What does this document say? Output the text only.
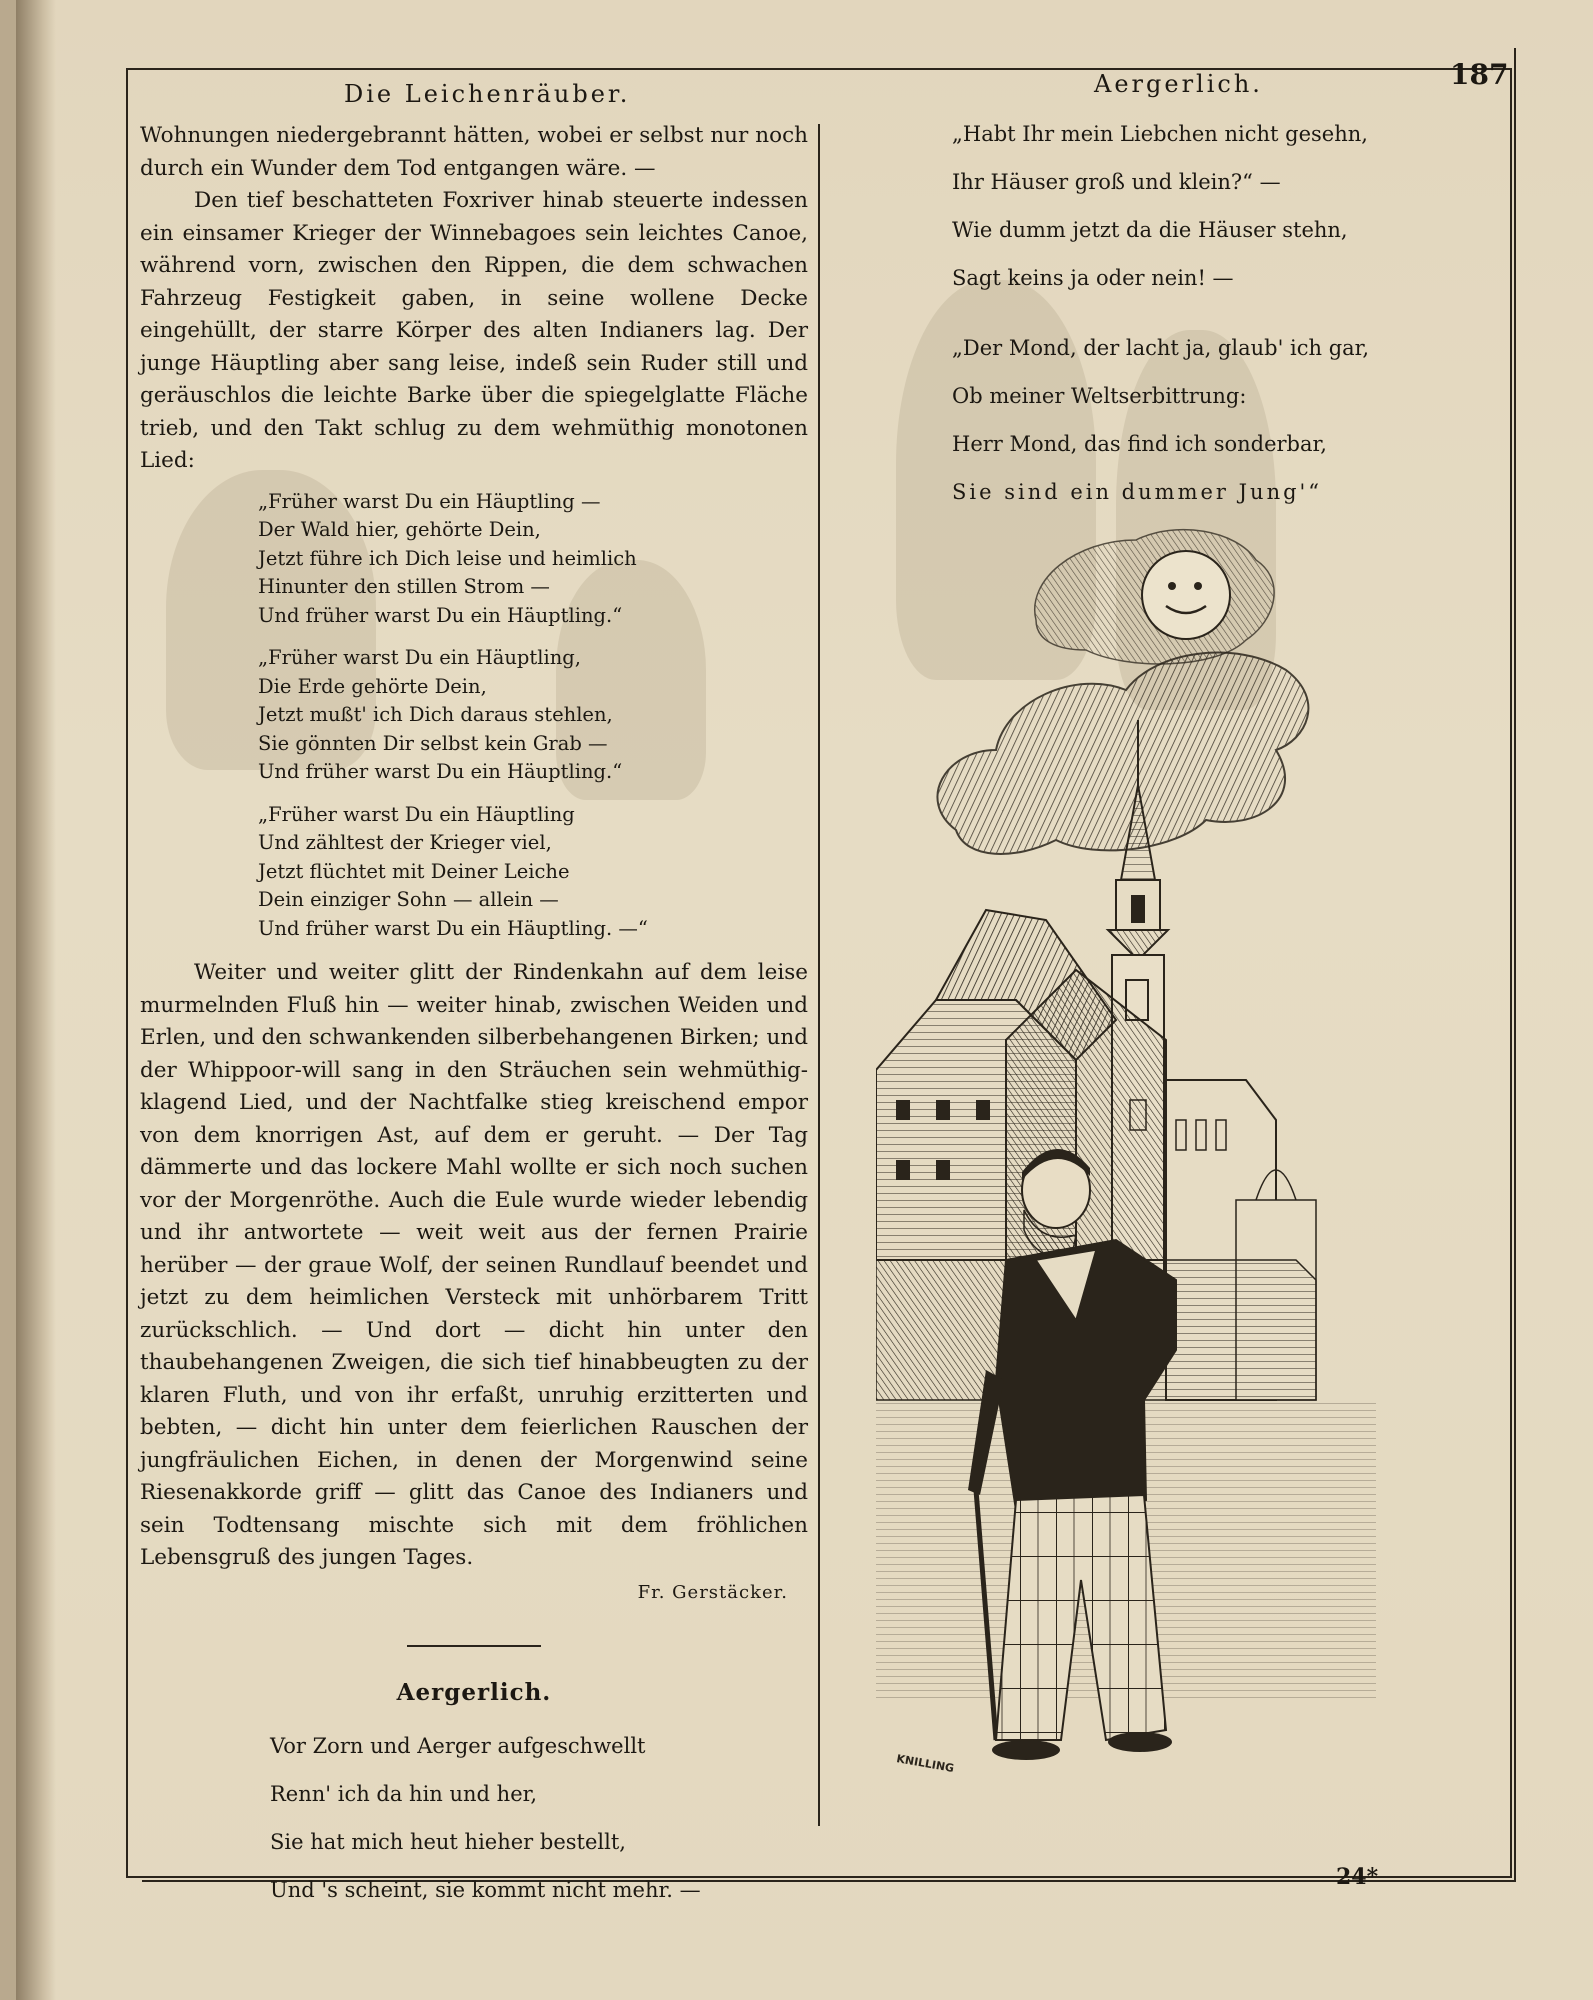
Die Leichenräuber.	Aergerlich.	187
24*

Wohnungen niedergebrannt hätten, wobei er selbst nur noch durch ein Wunder dem Tod entgangen wäre. —

Den tief beschatteten Foxriver hinab steuerte indessen ein einsamer Krieger der Winnebagoes sein leichtes Canoe, während vorn, zwischen den Rippen, die dem schwachen Fahrzeug Festigkeit gaben, in seine wollene Decke eingehüllt, der starre Körper des alten Indianers lag. Der junge Häuptling aber sang leise, indeß sein Ruder still und geräuschlos die leichte Barke über die spiegelglatte Fläche trieb, und den Takt schlug zu dem wehmüthig monotonen Lied:

„Früher warst Du ein Häuptling —
Der Wald hier, gehörte Dein,
Jetzt führe ich Dich leise und heimlich
Hinunter den stillen Strom —
Und früher warst Du ein Häuptling.“
„Früher warst Du ein Häuptling,
Die Erde gehörte Dein,
Jetzt mußt' ich Dich daraus stehlen,
Sie gönnten Dir selbst kein Grab —
Und früher warst Du ein Häuptling.“
„Früher warst Du ein Häuptling
Und zähltest der Krieger viel,
Jetzt flüchtet mit Deiner Leiche
Dein einziger Sohn — allein —
Und früher warst Du ein Häuptling. —“

Weiter und weiter glitt der Rindenkahn auf dem leise murmelnden Fluß hin — weiter hinab, zwischen Weiden und Erlen, und den schwankenden silberbehangenen Birken; und der Whippoor-will sang in den Sträuchen sein wehmüthig-klagend Lied, und der Nachtfalke stieg kreischend empor von dem knorrigen Ast, auf dem er geruht. — Der Tag dämmerte und das lockere Mahl wollte er sich noch suchen vor der Morgenröthe. Auch die Eule wurde wieder lebendig und ihr antwortete — weit weit aus der fernen Prairie herüber — der graue Wolf, der seinen Rundlauf beendet und jetzt zu dem heimlichen Versteck mit unhörbarem Tritt zurückschlich. — Und dort — dicht hin unter den thaubehangenen Zweigen, die sich tief hinabbeugten zu der klaren Fluth, und von ihr erfaßt, unruhig erzitterten und bebten, — dicht hin unter dem feierlichen Rauschen der jungfräulichen Eichen, in denen der Morgenwind seine Riesenakkorde griff — glitt das Canoe des Indianers und sein Todtensang mischte sich mit dem fröhlichen Lebensgruß des jungen Tages.

Fr. Gerstäcker.
Aergerlich.
Vor Zorn und Aerger aufgeschwellt
Renn' ich da hin und her,
Sie hat mich heut hieher bestellt,
Und 's scheint, sie kommt nicht mehr. —
„Habt Ihr mein Liebchen nicht gesehn,
Ihr Häuser groß und klein?“ —
Wie dumm jetzt da die Häuser stehn,
Sagt keins ja oder nein! —
„Der Mond, der lacht ja, glaub' ich gar,
Ob meiner Weltserbittrung:
Herr Mond, das find ich sonderbar,
Sie sind ein dummer Jung'“
KNILLING
